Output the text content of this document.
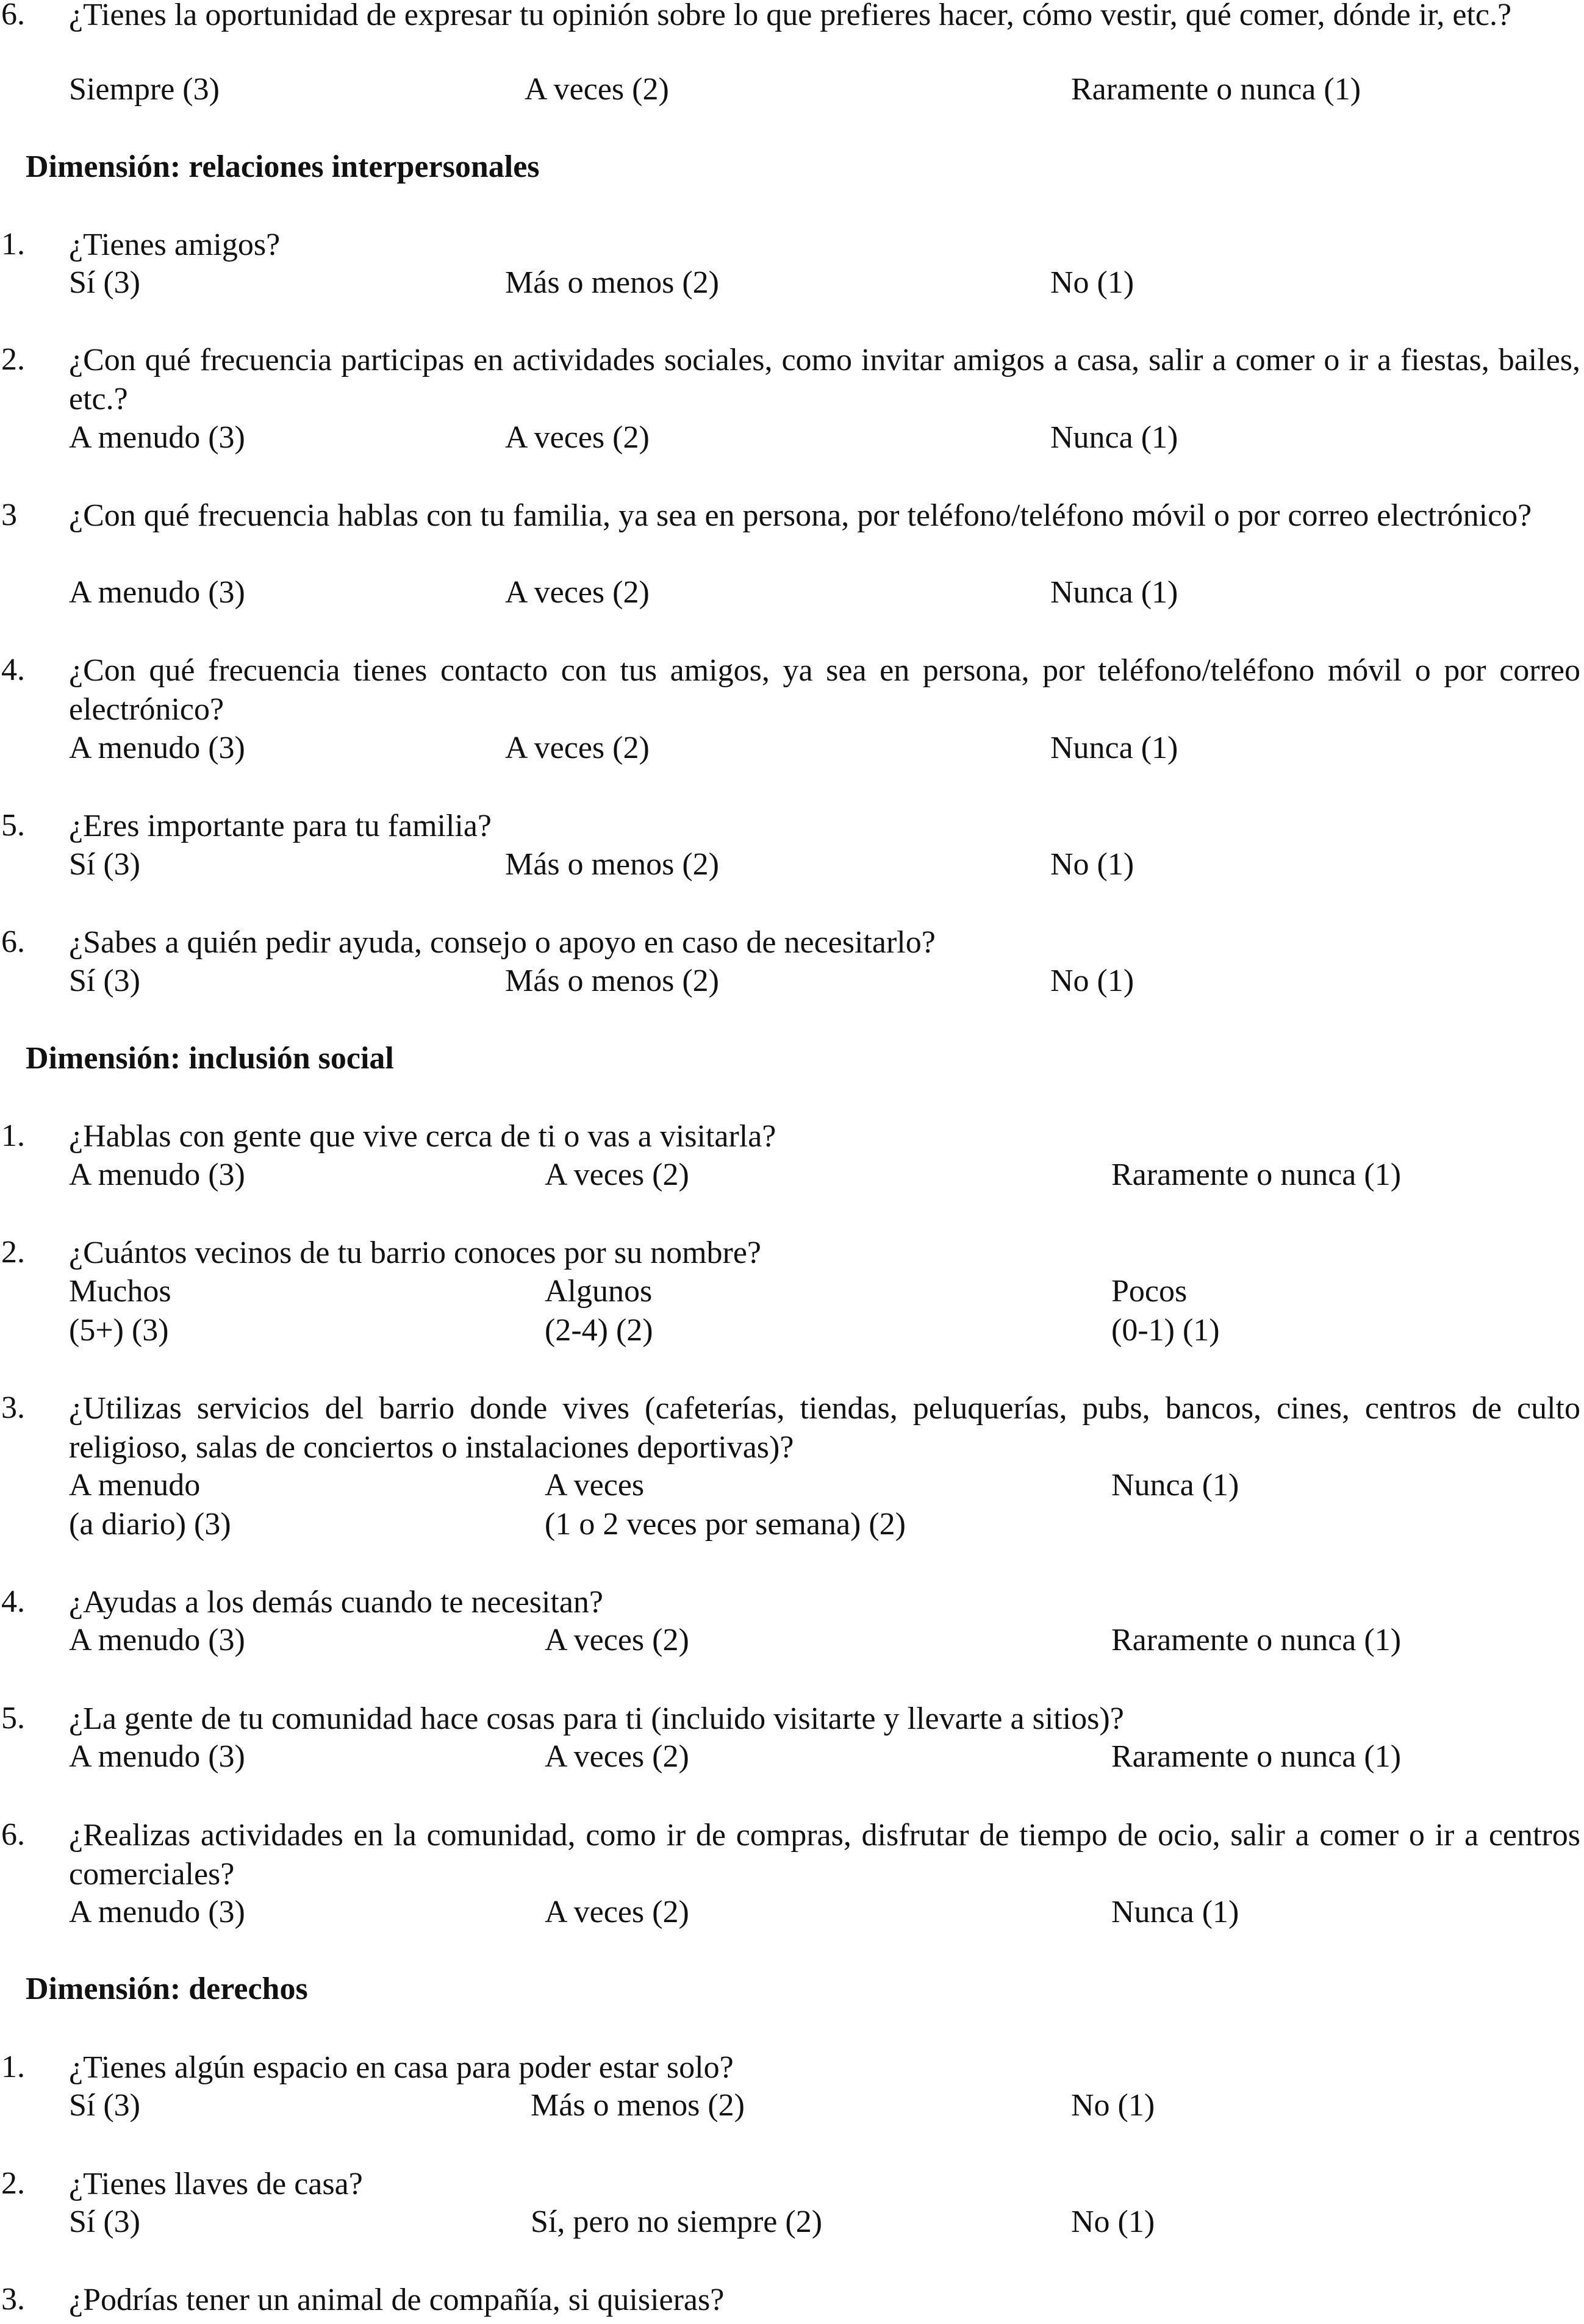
6. ¿Tienes la oportunidad de expresar tu opinión sobre lo que prefieres hacer, cómo vestir, qué comer, dónde ir, etc.?
Siempre (3)	A veces (2)	Raramente o nunca (1)
Dimensión: relaciones interpersonales
1. ¿Tienes amigos?
Sí (3)	Más o menos (2)	No (1)
2. ¿Con qué frecuencia participas en actividades sociales, como invitar amigos a casa, salir a comer o ir a fiestas, bailes, etc.?
A menudo (3)	A veces (2)	Nunca (1)
3 ¿Con qué frecuencia hablas con tu familia, ya sea en persona, por teléfono/teléfono móvil o por correo electrónico?
A menudo (3)	A veces (2)	Nunca (1)
4. ¿Con qué frecuencia tienes contacto con tus amigos, ya sea en persona, por teléfono/teléfono móvil o por correo electrónico?
A menudo (3)	A veces (2)	Nunca (1)
5. ¿Eres importante para tu familia?
Sí (3)	Más o menos (2)	No (1)
6. ¿Sabes a quién pedir ayuda, consejo o apoyo en caso de necesitarlo?
Sí (3)	Más o menos (2)	No (1)
Dimensión: inclusión social
1. ¿Hablas con gente que vive cerca de ti o vas a visitarla?
A menudo (3)	A veces (2)	Raramente o nunca (1)
2. ¿Cuántos vecinos de tu barrio conoces por su nombre?
Muchos	Algunos	Pocos
(5+) (3)	(2-4) (2)	(0-1) (1)
3. ¿Utilizas servicios del barrio donde vives (cafeterías, tiendas, peluquerías, pubs, bancos, cines, centros de culto religioso, salas de conciertos o instalaciones deportivas)?
A menudo	A veces	Nunca (1)
(a diario) (3)	(1 o 2 veces por semana) (2)
4. ¿Ayudas a los demás cuando te necesitan?
A menudo (3)	A veces (2)	Raramente o nunca (1)
5. ¿La gente de tu comunidad hace cosas para ti (incluido visitarte y llevarte a sitios)?
A menudo (3)	A veces (2)	Raramente o nunca (1)
6. ¿Realizas actividades en la comunidad, como ir de compras, disfrutar de tiempo de ocio, salir a comer o ir a centros comerciales?
A menudo (3)	A veces (2)	Nunca (1)
Dimensión: derechos
1. ¿Tienes algún espacio en casa para poder estar solo?
Sí (3)	Más o menos (2)	No (1)
2. ¿Tienes llaves de casa?
Sí (3)	Sí, pero no siempre (2)	No (1)
3. ¿Podrías tener un animal de compañía, si quisieras?
